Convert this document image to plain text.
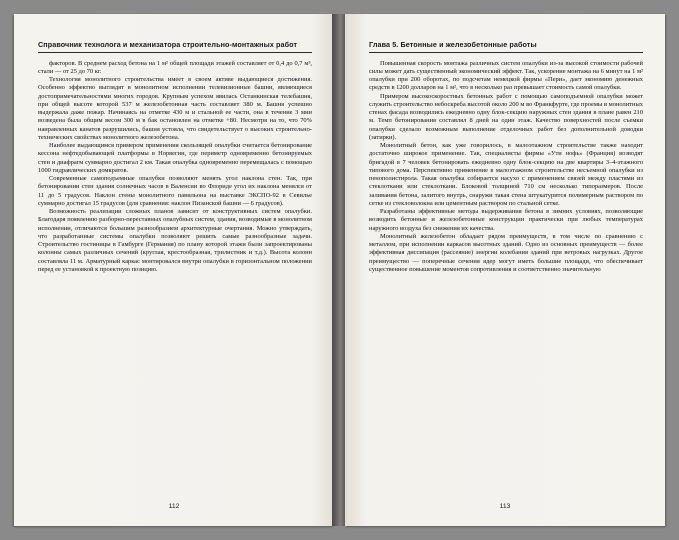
Справочник технолога и механизатора строительно-монтажных работ

факторов. В среднем расход бетона на 1 м² общей площади этажей составляет от 0,4 до 0,7 м³, стали — от 25 до 70 кг.

Технология монолитного строительства имеет в своем активе выдающиеся достижения. Особенно эффектно выглядят в монолитном исполнении телевизионные башни, являющиеся достопримечательностями многих городов. Крупным успехом явилась Останкинская телебашня, при общей высоте которой 537 м железобетонная часть составляет 380 м. Башня успешно выдержала даже пожар. Начинаясь на отметке 430 м и стальной ее части, она в течение 3 мин возведена была общим весом 300 м в бак остановлен на отметке +80. Несмотря на то, что 70% наиравленных канатов разрушились, башня устояла, что свидетельствует о высоких строительно-технических свойствах монолитного железобетона.

Наиболее выдающимся примером применения скользящей опалубки считается бетонирование кессона нефтедобывающей платформы в Норвегии, где периметр одновременно бетонируемых стен и диафрагм суммарно достигал 2 км. Такая опалубка одновременно перемещалась с помощью 1000 гидравлических домкратов.

Современные самоподъемные опалубки позволяют менять угол наклона стен. Так, при бетонировании стен здания солнечных часов в Валенсии во Флориде угол их наклона менялся от 11 до 5 градусов. Наклон стены монолитного павильона на выставке ЭКСПО-92 в Севилье суммарно достигал 15 градусов (для сравнения: наклон Пизанской башни — 6 градусов).

Возможность реализации сложных планов зависит от конструктивных систем опалубки. Благодаря появлению разборно-переставных опалубных систем, здания, возводимые в монолитном исполнении, отличаются большим разнообразием архитектурные очертания. Можно утверждать, что разработанные системы опалубки позволяют решить самые разнообразные задачи. Строительство гостиницы в Гамбурге (Германия) по плану которой этажи были запроектированы колонны самых различных сечений (круглая, крестообразная, трилистник и т.д.). Высота колонн составляла 11 м. Арматурный каркас монтировался внутри опалубки в горизонтальном положении перед ее установкой к проектную позицию.

112
Глава 5. Бетонные и железобетонные работы

Повышенная скорость монтажа различных систем опалубки из-за высокой стоимости рабочей силы может дать существенный экономический эффект. Так, ускорение монтажа на 6 минут на 1 м² опалубки при 200 оборотах, по подсчетам немецкой фирмы «Пери», дает экономию денежных средств в 1200 долларов на 1 м², что в несколько раз превышает стоимость самой опалубки.

Примером высокоскоростных бетонных работ с помощью самоподъемной опалубки может служить строительство небоскреба высотой около 200 м во Франкфурте, где проемы в монолитных стенах фасада возводились ежедневно одну блок-секцию наружных стен здания в плане равен 210 м. Темп бетонирования составлял 8 дней на один этаж. Качество поверхностей после съемки опалубки сделало возможным выполнение отделочных работ без дополнительной доводки (затирки).

Монолитный бетон, как уже говорилось, в малоэтажном строительстве также находит достаточно широкое применение. Так, специалисты фирмы «Ути нофь» (Франция) возводят бригадой в 7 человек бетонировать ежедневно одну блок-секцию на две квартиры 3–4-этажного типового дома. Перспективно применение в малоэтажном строительстве несъемной опалубки из пенополистирола. Такая опалубка собирается насухо с применением связей между пластями из стеклоткани или стеклоткани. Блоковой толщиной 710 см несколько типоразмеров. После заливания бетона, залитого внутрь, снаружи такая стена штукатурится полимерным раствором по сетке из стекловолокна или цементным раствором по стальной сетке.

Разработаны эффективные методы выдерживания бетона в зимних условиях, позволяющие возводить бетонные и железобетонные конструкции практически при любых температурах наружного воздуха без снижения их качества.

Монолитный железобетон обладает рядом преимуществ, в том числе по сравнению с металлом, при исполнении каркасов высотных зданий. Одно из основных преимуществ — более эффективная диссипация (рассеяние) энергии колебания зданий при ветровых нагрузках. Другое преимущество — поперечные сечения ядер могут иметь большие площади, что обеспечивает существенное повышение моментов сопротивления и соответственно значительную

113
